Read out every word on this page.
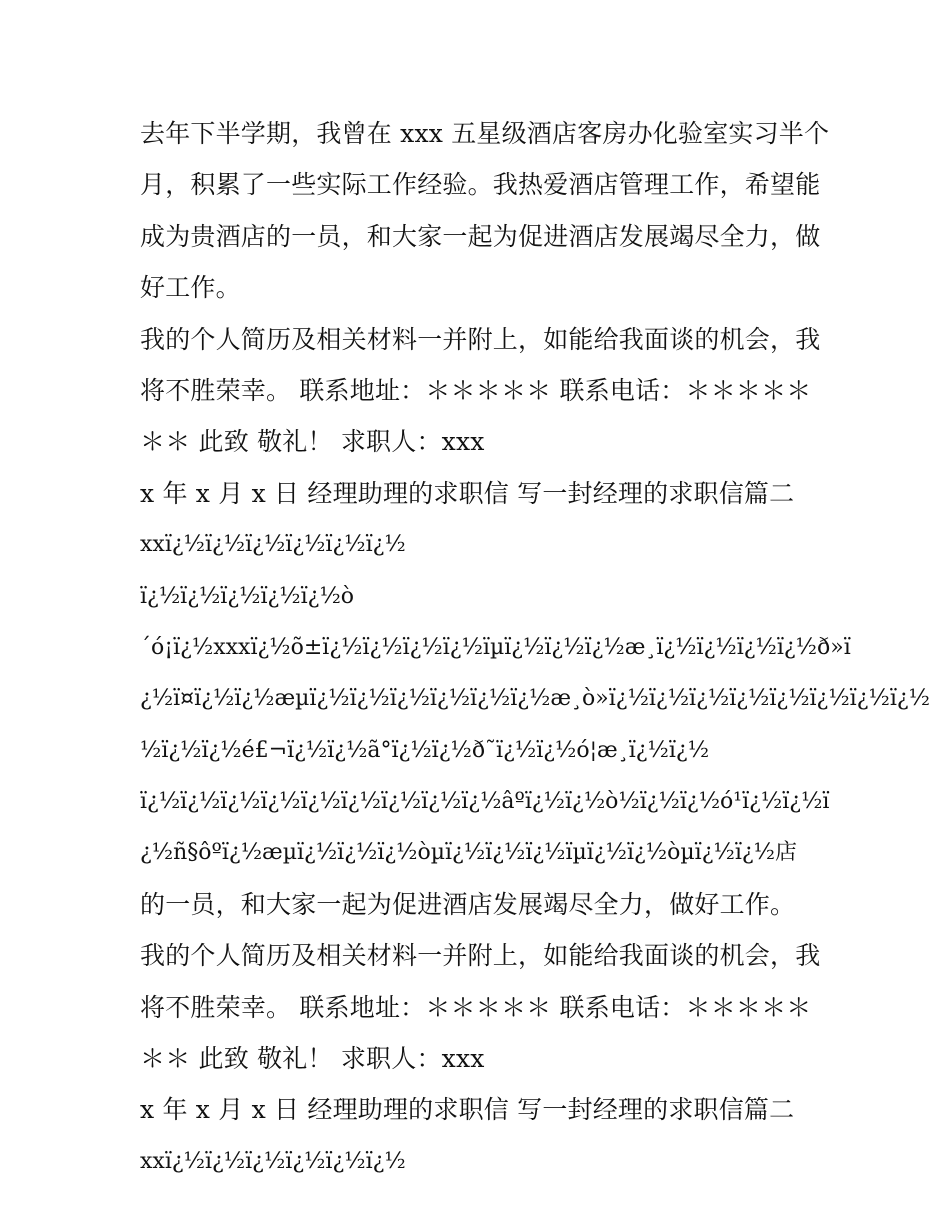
去年下半学期，我曾在 xxx 五星级酒店客房办化验室实习半个
月，积累了一些实际工作经验。我热爱酒店管理工作，希望能
成为贵酒店的一员，和大家一起为促进酒店发展竭尽全力，做
好工作。
我的个人简历及相关材料一并附上，如能给我面谈的机会，我
将不胜荣幸。 联系地址：＊＊＊＊＊ 联系电话：＊＊＊＊＊
＊＊ 此致 敬礼！ 求职人：xxx
x 年 x 月 x 日 经理助理的求职信 写一封经理的求职信篇二
xxï¿½ï¿½ï¿½ï¿½ï¿½ï¿½
ï¿½ï¿½ï¿½ï¿½ï¿½ò
´ó¡ï¿½xxxï¿½õ±ï¿½ï¿½ï¿½ï¿½ïµï¿½ï¿½ï¿½æ¸ï¿½ï¿½ï¿½ï¿½ð»ï
¿½ï¤ï¿½ï¿½æµï¿½ï¿½ï¿½ï¿½ï¿½ï¿½æ¸ò»ï¿½ï¿½ï¿½ï¿½ï¿½ï¿½ï¿½ï¿½
½ï¿½ï¿½é£¬ï¿½ï¿½ã°ï¿½ï¿½ð˜ï¿½ï¿½ó¦æ¸ï¿½ï¿½
ï¿½ï¿½ï¿½ï¿½ï¿½ï¿½ï¿½ï¿½ï¿½âºï¿½ï¿½ò½ï¿½ï¿½ó¹ï¿½ï¿½ï
¿½ñ§ôºï¿½æµï¿½ï¿½ï¿½òµï¿½ï¿½ï¿½ïµï¿½ï¿½òµï¿½ï¿½店
的一员，和大家一起为促进酒店发展竭尽全力，做好工作。
我的个人简历及相关材料一并附上，如能给我面谈的机会，我
将不胜荣幸。 联系地址：＊＊＊＊＊ 联系电话：＊＊＊＊＊
＊＊ 此致 敬礼！ 求职人：xxx
x 年 x 月 x 日 经理助理的求职信 写一封经理的求职信篇二
xxï¿½ï¿½ï¿½ï¿½ï¿½ï¿½
